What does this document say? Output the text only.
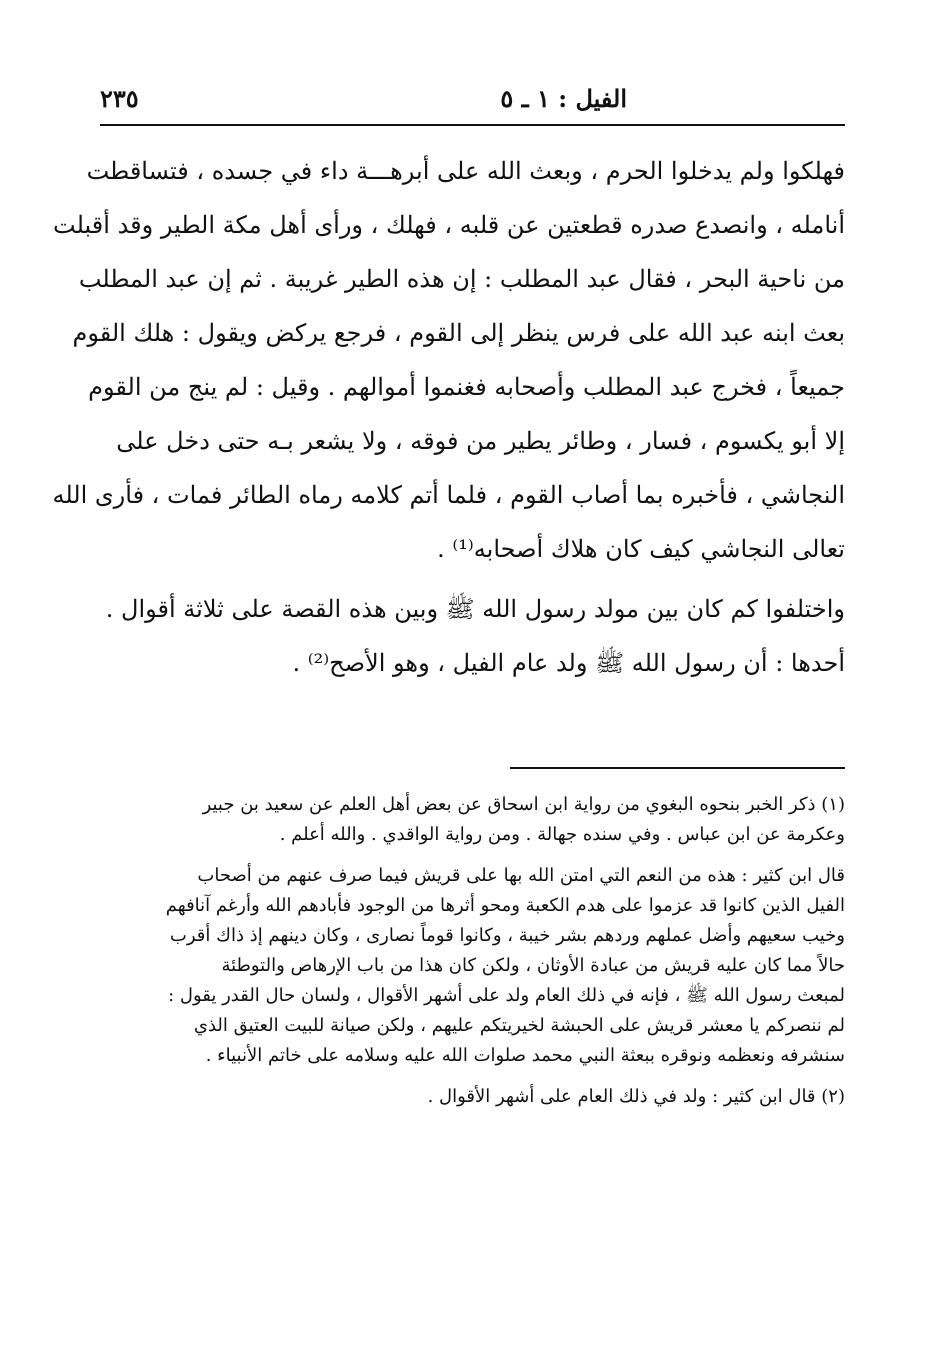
الفيل : ١ ـ ٥
٢٣٥

فهلكوا ولم يدخلوا الحرم ، وبعث الله على أبرهـــة داء في جسده ، فتساقطت

أنامله ، وانصدع صدره قطعتين عن قلبه ، فهلك ، ورأى أهل مكة الطير وقد أقبلت

من ناحية البحر ، فقال عبد المطلب : إن هذه الطير غريبة . ثم إن عبد المطلب

بعث ابنه عبد الله على فرس ينظر إلى القوم ، فرجع يركض ويقول : هلك القوم

جميعاً ، فخرج عبد المطلب وأصحابه فغنموا أموالهم . وقيل : لم ينج من القوم

إلا أبو يكسوم ، فسار ، وطائر يطير من فوقه ، ولا يشعر بـه حتى دخل على

النجاشي ، فأخبره بما أصاب القوم ، فلما أتم كلامه رماه الطائر فمات ، فأرى الله

تعالى النجاشي كيف كان هلاك أصحابه⁽¹⁾ .

واختلفوا كم كان بين مولد رسول الله ﷺ وبين هذه القصة على ثلاثة أقوال .

أحدها : أن رسول الله ﷺ ولد عام الفيل ، وهو الأصح⁽²⁾ .

(١) ذكر الخبر بنحوه البغوي من رواية ابن اسحاق عن بعض أهل العلم عن سعيد بن جبير

وعكرمة عن ابن عباس . وفي سنده جهالة . ومن رواية الواقدي . والله أعلم .

قال ابن كثير : هذه من النعم التي امتن الله بها على قريش فيما صرف عنهم من أصحاب

الفيل الذين كانوا قد عزموا على هدم الكعبة ومحو أثرها من الوجود فأبادهم الله وأرغم آنافهم

وخيب سعيهم وأضل عملهم وردهم بشر خيبة ، وكانوا قوماً نصارى ، وكان دينهم إذ ذاك أقرب

حالاً مما كان عليه قريش من عبادة الأوثان ، ولكن كان هذا من باب الإرهاص والتوطئة

لمبعث رسول الله ﷺ ، فإنه في ذلك العام ولد على أشهر الأقوال ، ولسان حال القدر يقول :

لم ننصركم يا معشر قريش على الحبشة لخيريتكم عليهم ، ولكن صيانة للبيت العتيق الذي

سنشرفه ونعظمه ونوقره ببعثة النبي محمد صلوات الله عليه وسلامه على خاتم الأنبياء .

(٢) قال ابن كثير : ولد في ذلك العام على أشهر الأقوال .
